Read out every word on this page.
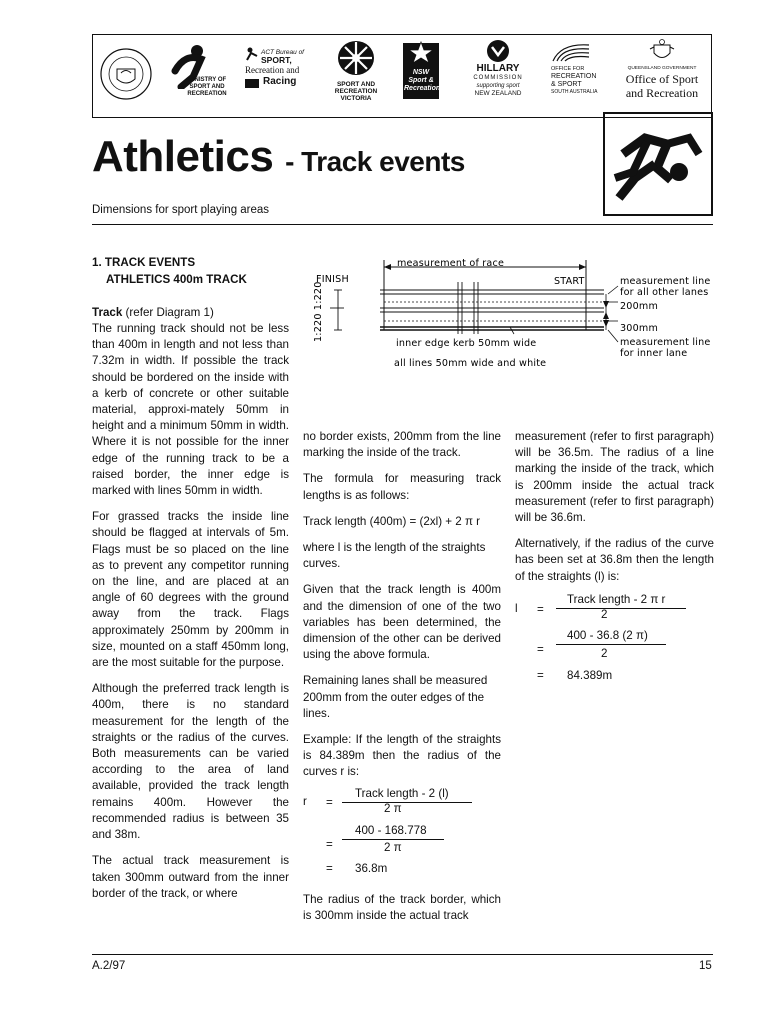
MINISTRY OF SPORT AND RECREATION
ACT Bureau of
SPORT,
Recreation and
Racing	SPORT AND RECREATION VICTORIA
NSW Sport & Recreation
HILLARY
COMMISSION
supporting sport
NEW ZEALAND
OFFICE FOR
RECREATION
& SPORT
SOUTH AUSTRALIA
QUEENSLAND GOVERNMENT
Office of Sport
and Recreation
Athletics - Track events
Dimensions for sport playing areas
1. TRACK EVENTS
ATHLETICS 400m TRACK
Track (refer Diagram 1)

The running track should not be less than 400m in length and not less than 7.32m in width. If possible the track should be bordered on the inside with a kerb of concrete or other suitable material, approxi-mately 50mm in height and a minimum 50mm in width. Where it is not possible for the inner edge of the running track to be a raised border, the inner edge is marked with lines 50mm in width.

For grassed tracks the inside line should be flagged at intervals of 5m. Flags must be so placed on the line as to prevent any competitor running on the line, and are placed at an angle of 60 degrees with the ground away from the track. Flags approximately 250mm by 200mm in size, mounted on a staff 450mm long, are the most suitable for the purpose.

Although the preferred track length is 400m, there is no standard measurement for the length of the straights or the radius of the curves. Both measurements can be varied according to the area of land available, provided the track length remains 400m. However the recommended radius is between 35 and 38m.

The actual track measurement is taken 300mm outward from the inner border of the track, or where

measurement of race
FINISH	START
1:220 1:220	measurement line
for all other lanes
200mm
300mm
measurement line
for inner lane
inner edge kerb 50mm wide
all lines 50mm wide and white

no border exists, 200mm from the line marking the inside of the track.

The formula for measuring track lengths is as follows:

Track length (400m) = (2xl) + 2 π r

where l is the length of the straights curves.

Given that the track length is 400m and the dimension of one of the two variables has been determined, the dimension of the other can be derived using the above formula.

Remaining lanes shall be measured 200mm from the outer edges of the lines.

Example: If the length of the straights is 84.389m then the radius of the curves r is:

r =
Track length - 2 (l)
2 π
400 - 168.778
=	2 π
= 36.8m

The radius of the track border, which is 300mm inside the actual track

measurement (refer to first paragraph) will be 36.5m. The radius of a line marking the inside of the track, which is 200mm inside the actual track measurement (refer to first paragraph) will be 36.6m.

Alternatively, if the radius of the curve has been set at 36.8m then the length of the straights (l) is:

l =
Track length - 2 π r
2
400 - 36.8 (2 π)
=	2
= 84.389m
A.2/97	15
